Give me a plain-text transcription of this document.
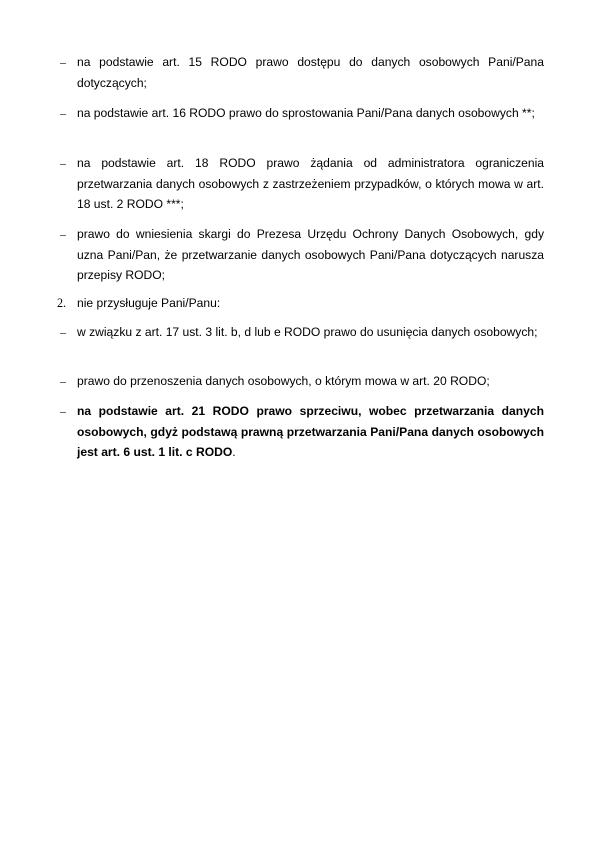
– na podstawie art. 15 RODO prawo dostępu do danych osobowych Pani/Pana dotyczących;
– na podstawie art. 16 RODO prawo do sprostowania Pani/Pana danych osobowych **;
– na podstawie art. 18 RODO prawo żądania od administratora ograniczenia przetwarzania danych osobowych z zastrzeżeniem przypadków, o których mowa w art. 18 ust. 2 RODO ***;
– prawo do wniesienia skargi do Prezesa Urzędu Ochrony Danych Osobowych, gdy uzna Pani/Pan, że przetwarzanie danych osobowych Pani/Pana dotyczących narusza przepisy RODO;
2. nie przysługuje Pani/Panu:
– w związku z art. 17 ust. 3 lit. b, d lub e RODO prawo do usunięcia danych osobowych;
– prawo do przenoszenia danych osobowych, o którym mowa w art. 20 RODO;
– na podstawie art. 21 RODO prawo sprzeciwu, wobec przetwarzania danych osobowych, gdyż podstawą prawną przetwarzania Pani/Pana danych osobowych jest art. 6 ust. 1 lit. c RODO.
